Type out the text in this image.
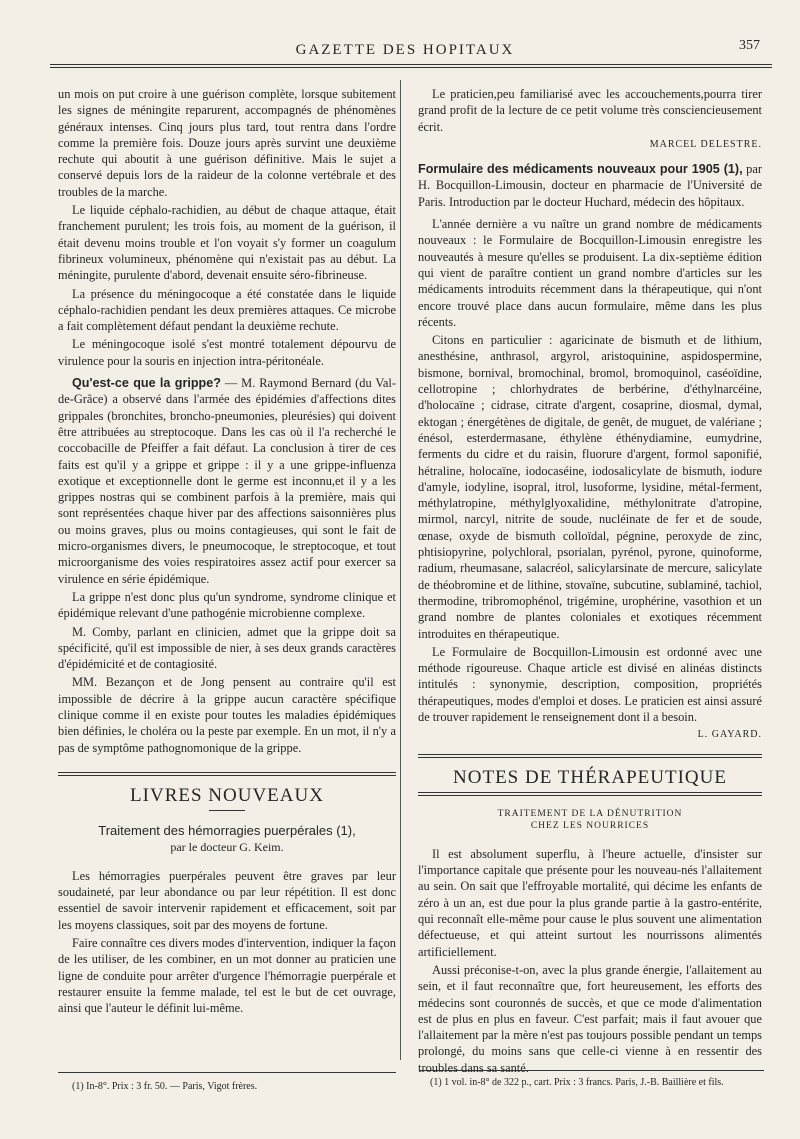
GAZETTE DES HOPITAUX	357

un mois on put croire à une guérison complète, lorsque subitement les signes de méningite reparurent, accompagnés de phénomènes généraux intenses. Cinq jours plus tard, tout rentra dans l'ordre comme la première fois. Douze jours après survint une deuxième rechute qui aboutit à une guérison définitive. Mais le sujet a conservé depuis lors de la raideur de la colonne vertébrale et des troubles de la marche.

Le liquide céphalo-rachidien, au début de chaque attaque, était franchement purulent; les trois fois, au moment de la guérison, il était devenu moins trouble et l'on voyait s'y former un coagulum fibrineux volumineux, phénomène qui n'existait pas au début. La méningite, purulente d'abord, devenait ensuite séro-fibrineuse.

La présence du méningocoque a été constatée dans le liquide céphalo-rachidien pendant les deux premières attaques. Ce microbe a fait complètement défaut pendant la deuxième rechute.

Le méningocoque isolé s'est montré totalement dépourvu de virulence pour la souris en injection intra-péritonéale.

Qu'est-ce que la grippe? — M. Raymond Bernard (du Val-de-Grâce) a observé dans l'armée des épidémies d'affections dites grippales (bronchites, broncho-pneumonies, pleurésies) qui doivent être attribuées au streptocoque. Dans les cas où il l'a recherché le coccobacille de Pfeiffer a fait défaut. La conclusion à tirer de ces faits est qu'il y a grippe et grippe : il y a une grippe-influenza exotique et exceptionnelle dont le germe est inconnu,et il y a les grippes nostras qui se combinent parfois à la première, mais qui sont représentées chaque hiver par des affections saisonnières plus ou moins graves, plus ou moins contagieuses, qui sont le fait de micro-organismes divers, le pneumocoque, le streptocoque, et tout microorganisme des voies respiratoires assez actif pour exercer sa virulence en série épidémique.

La grippe n'est donc plus qu'un syndrome, syndrome clinique et épidémique relevant d'une pathogénie microbienne complexe.

M. Comby, parlant en clinicien, admet que la grippe doit sa spécificité, qu'il est impossible de nier, à ses deux grands caractères d'épidémicité et de contagiosité.

MM. Bezançon et de Jong pensent au contraire qu'il est impossible de décrire à la grippe aucun caractère spécifique clinique comme il en existe pour toutes les maladies épidémiques bien définies, le choléra ou la peste par exemple. En un mot, il n'y a pas de symptôme pathognomonique de la grippe.

LIVRES NOUVEAUX
Traitement des hémorragies puerpérales (1),
par le docteur G. Keim.

Les hémorragies puerpérales peuvent être graves par leur soudaineté, par leur abondance ou par leur répétition. Il est donc essentiel de savoir intervenir rapidement et efficacement, soit par les moyens classiques, soit par des moyens de fortune.

Faire connaître ces divers modes d'intervention, indiquer la façon de les utiliser, de les combiner, en un mot donner au praticien une ligne de conduite pour arrêter d'urgence l'hémorragie puerpérale et restaurer ensuite la femme malade, tel est le but de cet ouvrage, ainsi que l'auteur le définit lui-même.

(1) In-8°. Prix : 3 fr. 50. — Paris, Vigot frères.

Le praticien,peu familiarisé avec les accouchements,pourra tirer grand profit de la lecture de ce petit volume très consciencieusement écrit.

MARCEL DELESTRE.

Formulaire des médicaments nouveaux pour 1905 (1), par H. Bocquillon-Limousin, docteur en pharmacie de l'Université de Paris. Introduction par le docteur Huchard, médecin des hôpitaux.

L'année dernière a vu naître un grand nombre de médicaments nouveaux : le Formulaire de Bocquillon-Limousin enregistre les nouveautés à mesure qu'elles se produisent. La dix-septième édition qui vient de paraître contient un grand nombre d'articles sur les médicaments introduits récemment dans la thérapeutique, qui n'ont encore trouvé place dans aucun formulaire, même dans les plus récents.

Citons en particulier : agaricinate de bismuth et de lithium, anesthésine, anthrasol, argyrol, aristoquinine, aspidospermine, bismone, bornival, bromochinal, bromol, bromoquinol, caséoïdine, cellotropine ; chlorhydrates de berbérine, d'éthylnarcéine, d'holocaïne ; cidrase, citrate d'argent, cosaprine, diosmal, dymal, ektogan ; énergétènes de digitale, de genêt, de muguet, de valériane ; énésol, esterdermasane, éthylène éthénydiamine, eumydrine, ferments du cidre et du raisin, fluorure d'argent, formol saponifié, hétraline, holocaïne, iodocaséine, iodosalicylate de bismuth, iodure d'amyle, iodyline, isopral, itrol, lusoforme, lysidine, métal-ferment, méthylatropine, méthylglyoxalidine, méthylonitrate d'atropine, mirmol, narcyl, nitrite de soude, nucléinate de fer et de soude, œnase, oxyde de bismuth colloïdal, pégnine, peroxyde de zinc, phtisiopyrine, polychloral, psorialan, pyrénol, pyrone, quinoforme, radium, rheumasane, salacréol, salicylarsinate de mercure, salicylate de théobromine et de lithine, stovaïne, subcutine, sublaminé, tachiol, thermodine, tribromophénol, trigémine, urophérine, vasothion et un grand nombre de plantes coloniales et exotiques récemment introduites en thérapeutique.

Le Formulaire de Bocquillon-Limousin est ordonné avec une méthode rigoureuse. Chaque article est divisé en alinéas distincts intitulés : synonymie, description, composition, propriétés thérapeutiques, modes d'emploi et doses. Le praticien est ainsi assuré de trouver rapidement le renseignement dont il a besoin.

L. GAYARD.
NOTES DE THÉRAPEUTIQUE
TRAITEMENT DE LA DÉNUTRITION
CHEZ LES NOURRICES

Il est absolument superflu, à l'heure actuelle, d'insister sur l'importance capitale que présente pour les nouveau-nés l'allaitement au sein. On sait que l'effroyable mortalité, qui décime les enfants de zéro à un an, est due pour la plus grande partie à la gastro-entérite, qui reconnaît elle-même pour cause le plus souvent une alimentation défectueuse, et qui atteint surtout les nourrissons alimentés artificiellement.

Aussi préconise-t-on, avec la plus grande énergie, l'allaitement au sein, et il faut reconnaître que, fort heureusement, les efforts des médecins sont couronnés de succès, et que ce mode d'alimentation est de plus en plus en faveur. C'est parfait; mais il faut avouer que l'allaitement par la mère n'est pas toujours possible pendant un temps prolongé, du moins sans que celle-ci vienne à en ressentir des troubles dans sa santé.

(1) 1 vol. in-8° de 322 p., cart. Prix : 3 francs. Paris, J.-B. Baillière et fils.
